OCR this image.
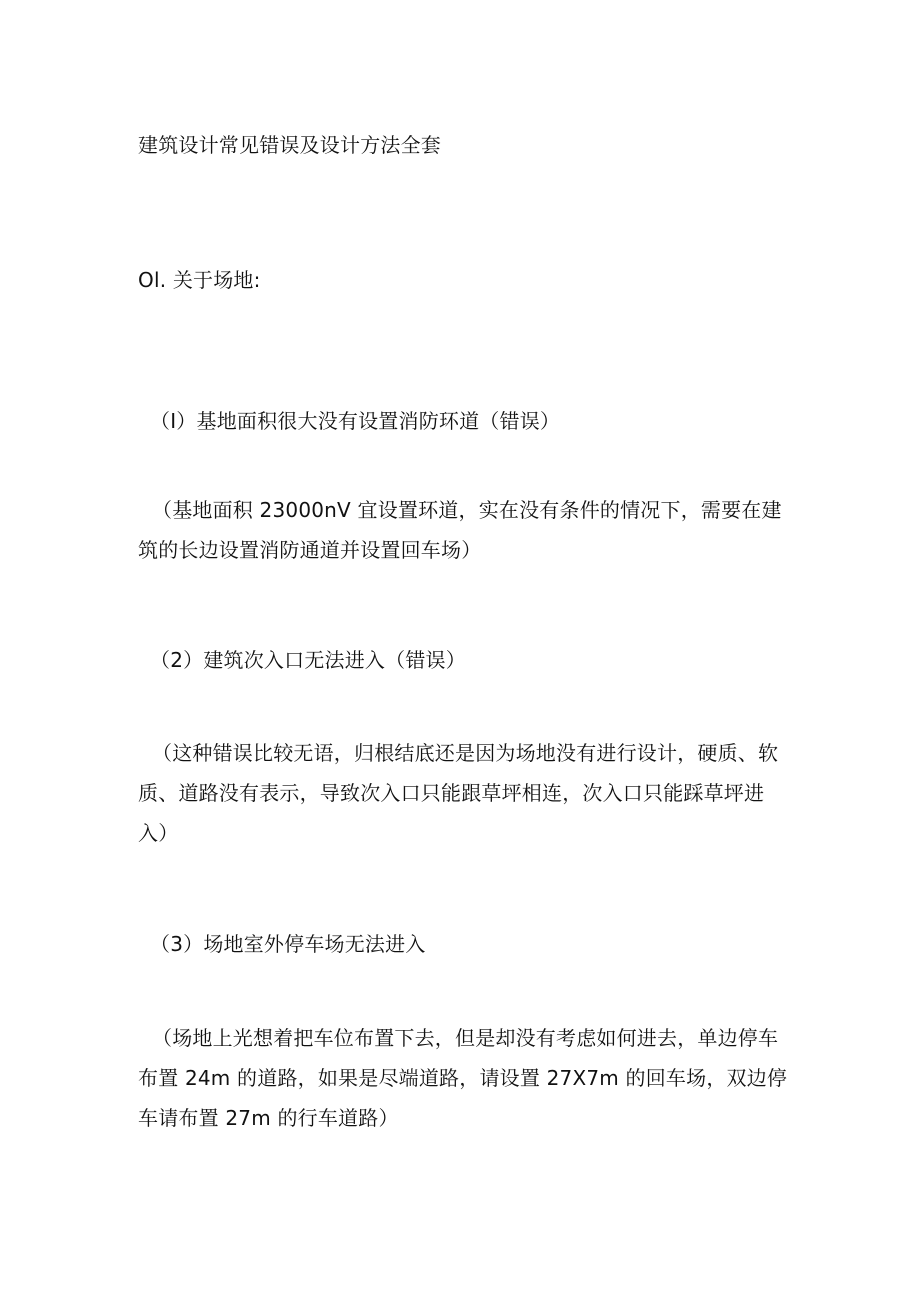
建筑设计常见错误及设计方法全套
Ol. 关于场地:
（I）基地面积很大没有设置消防环道（错误）

（基地面积 23000nV 宜设置环道，实在没有条件的情况下，需要在建筑的长边设置消防通道并设置回车场）

（2）建筑次入口无法进入（错误）

（这种错误比较无语，归根结底还是因为场地没有进行设计，硬质、软质、道路没有表示，导致次入口只能跟草坪相连，次入口只能踩草坪进入）

（3）场地室外停车场无法进入

（场地上光想着把车位布置下去，但是却没有考虑如何进去，单边停车布置 24m 的道路，如果是尽端道路，请设置 27X7m 的回车场，双边停车请布置 27m 的行车道路）
